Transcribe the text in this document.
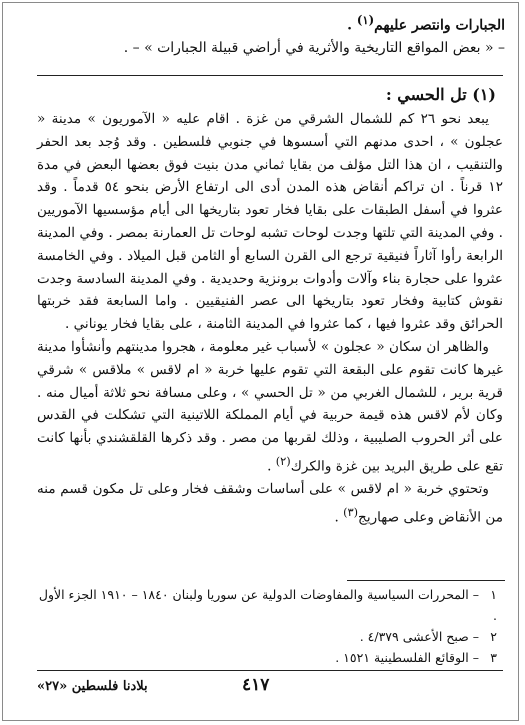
الجبارات وانتصر عليهم$^{(١)}$ .
– « بعض المواقع التاريخية والأثرية في أراضي قبيلة الجبارات » – .
(١) تل الحسي :

يبعد نحو ٢٦ كم للشمال الشرقي من غزة . اقام عليه « الآموريون » مدينة « عجلون » ، احدى مدنهم التي أسسوها في جنوبي فلسطين . وقد وُجد بعد الحفر والتنقيب ، ان هذا التل مؤلف من بقايا ثماني مدن بنيت فوق بعضها البعض في مدة ١٢ قرناً . ان تراكم أنقاض هذه المدن أدى الى ارتفاع الأرض بنحو ٥٤ قدماً . وقد عثروا في أسفل الطبقات على بقايا فخار تعود بتاريخها الى أيام مؤسسيها الآموريين . وفي المدينة التي تلتها وجدت لوحات تشبه لوحات تل العمارنة بمصر . وفي المدينة الرابعة رأوا آثاراً فنيقية ترجع الى القرن السابع أو الثامن قبل الميلاد . وفي الخامسة عثروا على حجارة بناء وآلات وأدوات برونزية وحديدية . وفي المدينة السادسة وجدت نقوش كتابية وفخار تعود بتاريخها الى عصر الفنيقيين . واما السابعة فقد خربتها الحرائق وقد عثروا فيها ، كما عثروا في المدينة الثامنة ، على بقايا فخار يوناني .

والظاهر ان سكان « عجلون » لأسباب غير معلومة ، هجروا مدينتهم وأنشأوا مدينة غيرها كانت تقوم على البقعة التي تقوم عليها خربة « ام لاقس » ملاقس » شرقي قرية برير ، للشمال الغربي من « تل الحسي » ، وعلى مسافة نحو ثلاثة أميال منه . وكان لأم لاقس هذه قيمة حربية في أيام المملكة اللاتينية التي تشكلت في القدس على أثر الحروب الصليبية ، وذلك لقربها من مصر . وقد ذكرها القلقشندي بأنها كانت تقع على طريق البريد بين غزة والكرك$^{(٢)}$ .

وتحتوي خربة « ام لاقس » على أساسات وشقف فخار وعلى تل مكون قسم منه من الأنقاض وعلى صهاريج$^{(٣)}$ .

١– المحررات السياسية والمفاوضات الدولية عن سوريا ولبنان ١٨٤٠ – ١٩١٠ الجزء الأول .
٢– صبح الأعشى ٤/٣٧٩ .
٣– الوقائع الفلسطينية ١٥٢١ .
٤١٧
بلادنا فلسطين «٢٧»
